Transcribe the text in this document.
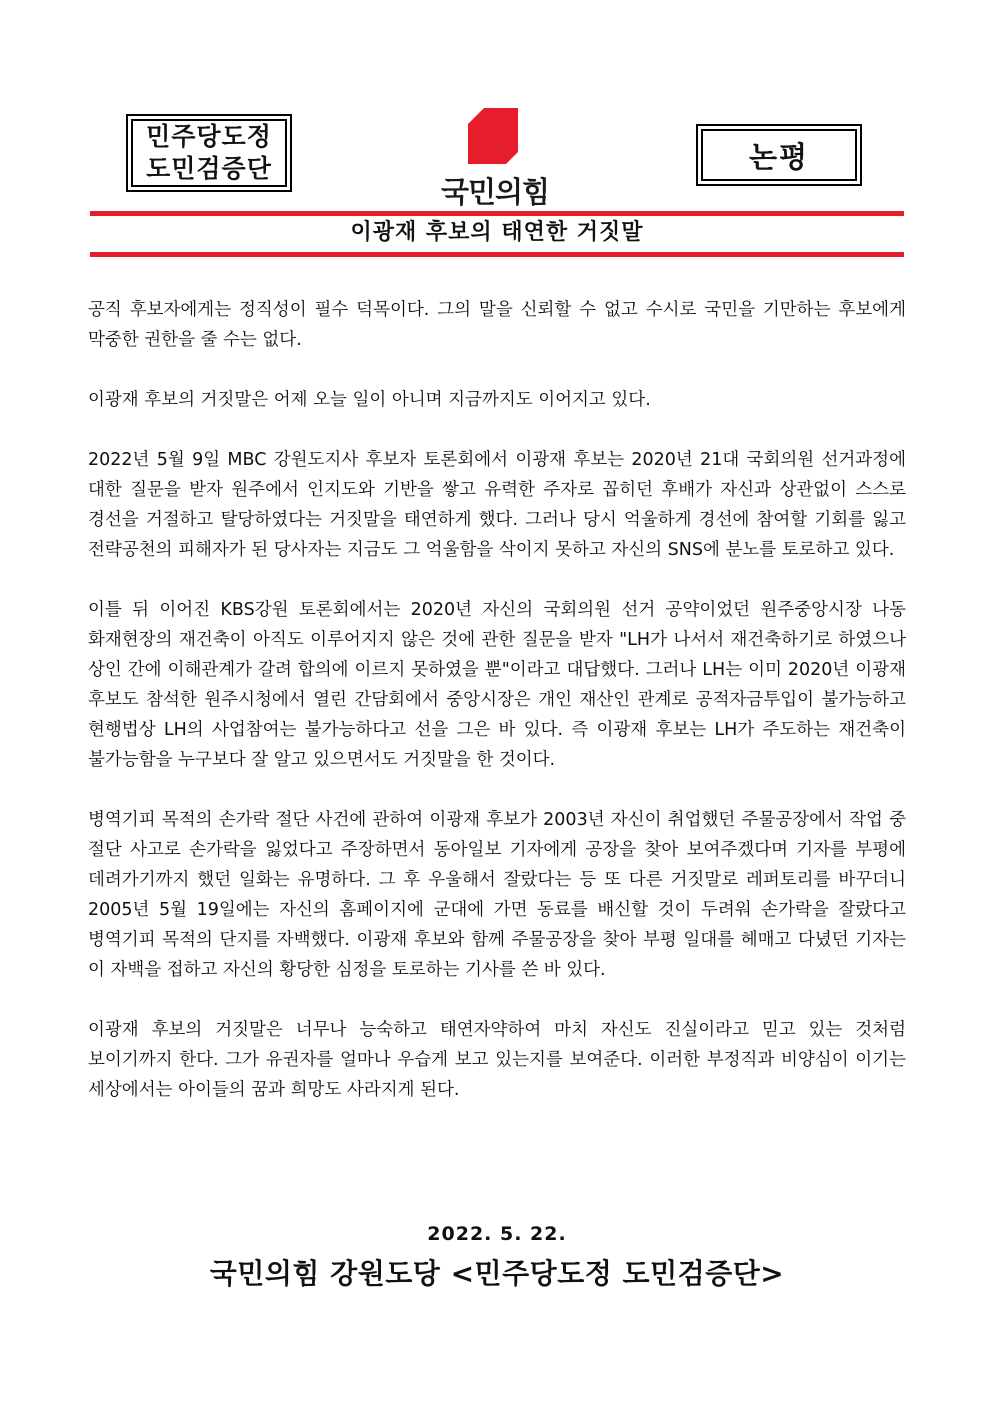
민주당도정
도민검증단
국민의힘
논평
이광재 후보의 태연한 거짓말

공직 후보자에게는 정직성이 필수 덕목이다. 그의 말을 신뢰할 수 없고 수시로 국민을 기만하는 후보에게 막중한 권한을 줄 수는 없다.

이광재 후보의 거짓말은 어제 오늘 일이 아니며 지금까지도 이어지고 있다.

2022년 5월 9일 MBC 강원도지사 후보자 토론회에서 이광재 후보는 2020년 21대 국회의원 선거과정에 대한 질문을 받자 원주에서 인지도와 기반을 쌓고 유력한 주자로 꼽히던 후배가 자신과 상관없이 스스로 경선을 거절하고 탈당하였다는 거짓말을 태연하게 했다. 그러나 당시 억울하게 경선에 참여할 기회를 잃고 전략공천의 피해자가 된 당사자는 지금도 그 억울함을 삭이지 못하고 자신의 SNS에 분노를 토로하고 있다.

이틀 뒤 이어진 KBS강원 토론회에서는 2020년 자신의 국회의원 선거 공약이었던 원주중앙시장 나동 화재현장의 재건축이 아직도 이루어지지 않은 것에 관한 질문을 받자 "LH가 나서서 재건축하기로 하였으나 상인 간에 이해관계가 갈려 합의에 이르지 못하였을 뿐"이라고 대답했다. 그러나 LH는 이미 2020년 이광재 후보도 참석한 원주시청에서 열린 간담회에서 중앙시장은 개인 재산인 관계로 공적자금투입이 불가능하고 현행법상 LH의 사업참여는 불가능하다고 선을 그은 바 있다. 즉 이광재 후보는 LH가 주도하는 재건축이 불가능함을 누구보다 잘 알고 있으면서도 거짓말을 한 것이다.

병역기피 목적의 손가락 절단 사건에 관하여 이광재 후보가 2003년 자신이 취업했던 주물공장에서 작업 중 절단 사고로 손가락을 잃었다고 주장하면서 동아일보 기자에게 공장을 찾아 보여주겠다며 기자를 부평에 데려가기까지 했던 일화는 유명하다. 그 후 우울해서 잘랐다는 등 또 다른 거짓말로 레퍼토리를 바꾸더니 2005년 5월 19일에는 자신의 홈페이지에 군대에 가면 동료를 배신할 것이 두려워 손가락을 잘랐다고 병역기피 목적의 단지를 자백했다. 이광재 후보와 함께 주물공장을 찾아 부평 일대를 헤매고 다녔던 기자는 이 자백을 접하고 자신의 황당한 심정을 토로하는 기사를 쓴 바 있다.

이광재 후보의 거짓말은 너무나 능숙하고 태연자약하여 마치 자신도 진실이라고 믿고 있는 것처럼 보이기까지 한다. 그가 유권자를 얼마나 우습게 보고 있는지를 보여준다. 이러한 부정직과 비양심이 이기는 세상에서는 아이들의 꿈과 희망도 사라지게 된다.

2022. 5. 22.
국민의힘 강원도당 <민주당도정 도민검증단>
